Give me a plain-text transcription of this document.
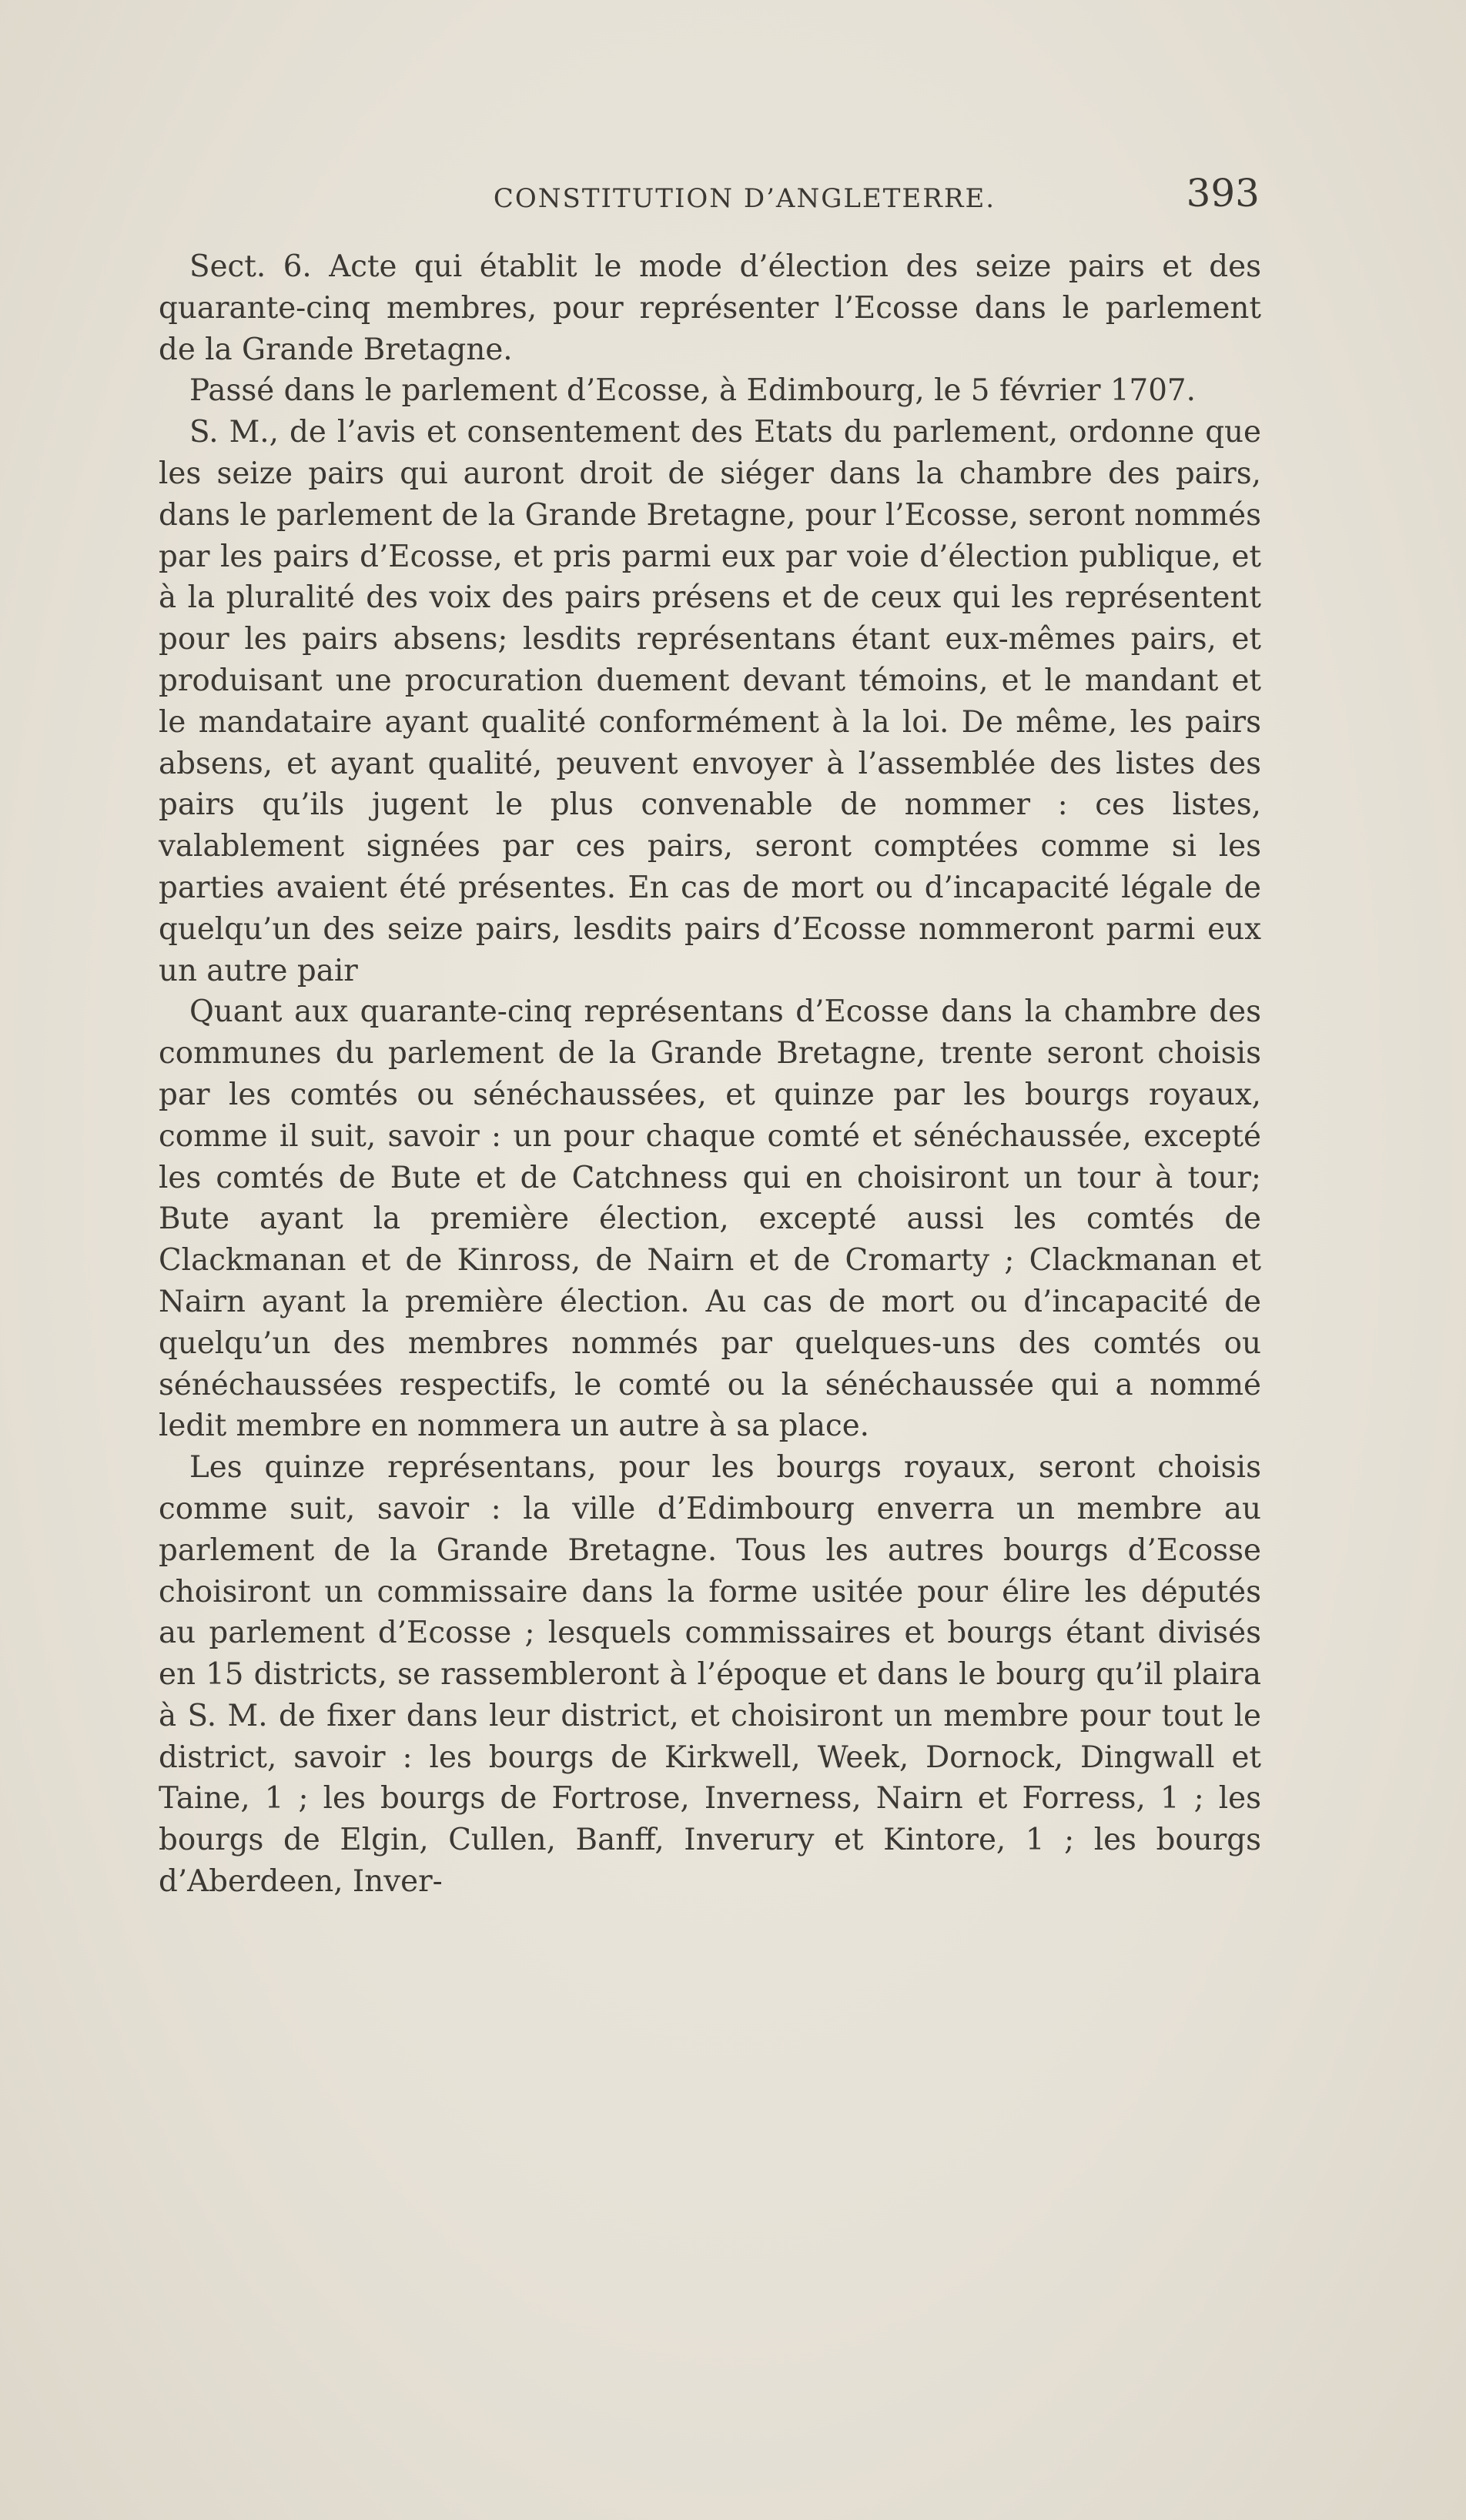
CONSTITUTION D’ANGLETERRE.	393

Sect. 6. Acte qui établit le mode d’élection des seize pairs et des quarante-cinq membres, pour représenter l’Ecosse dans le parlement de la Grande Bretagne.

Passé dans le parlement d’Ecosse, à Edimbourg, le 5 février 1707.

S. M., de l’avis et consentement des Etats du parlement, ordonne que les seize pairs qui auront droit de siéger dans la chambre des pairs, dans le parlement de la Grande Bretagne, pour l’Ecosse, seront nommés par les pairs d’Ecosse, et pris parmi eux par voie d’élection publique, et à la pluralité des voix des pairs présens et de ceux qui les représentent pour les pairs absens; lesdits représentans étant eux-mêmes pairs, et produisant une procuration duement devant témoins, et le mandant et le mandataire ayant qualité conformément à la loi. De même, les pairs absens, et ayant qualité, peuvent envoyer à l’assemblée des listes des pairs qu’ils jugent le plus convenable de nommer : ces listes, valablement signées par ces pairs, seront comptées comme si les parties avaient été présentes. En cas de mort ou d’incapacité légale de quelqu’un des seize pairs, lesdits pairs d’Ecosse nommeront parmi eux un autre pair

Quant aux quarante-cinq représentans d’Ecosse dans la chambre des communes du parlement de la Grande Bretagne, trente seront choisis par les comtés ou sénéchaussées, et quinze par les bourgs royaux, comme il suit, savoir : un pour chaque comté et sénéchaussée, excepté les comtés de Bute et de Catchness qui en choisiront un tour à tour; Bute ayant la première élection, excepté aussi les comtés de Clackmanan et de Kinross, de Nairn et de Cromarty ; Clackmanan et Nairn ayant la première élection. Au cas de mort ou d’incapacité de quelqu’un des membres nommés par quelques-uns des comtés ou sénéchaussées respectifs, le comté ou la sénéchaussée qui a nommé ledit membre en nommera un autre à sa place.

Les quinze représentans, pour les bourgs royaux, seront choisis comme suit, savoir : la ville d’Edimbourg enverra un membre au parlement de la Grande Bretagne. Tous les autres bourgs d’Ecosse choisiront un commissaire dans la forme usitée pour élire les députés au parlement d’Ecosse ; lesquels commissaires et bourgs étant divisés en 15 districts, se rassembleront à l’époque et dans le bourg qu’il plaira à S. M. de fixer dans leur district, et choisiront un membre pour tout le district, savoir : les bourgs de Kirkwell, Week, Dornock, Dingwall et Taine, 1 ; les bourgs de Fortrose, Inverness, Nairn et Forress, 1 ; les bourgs de Elgin, Cullen, Banff, Inverury et Kintore, 1 ; les bourgs d’Aberdeen, Inver-
